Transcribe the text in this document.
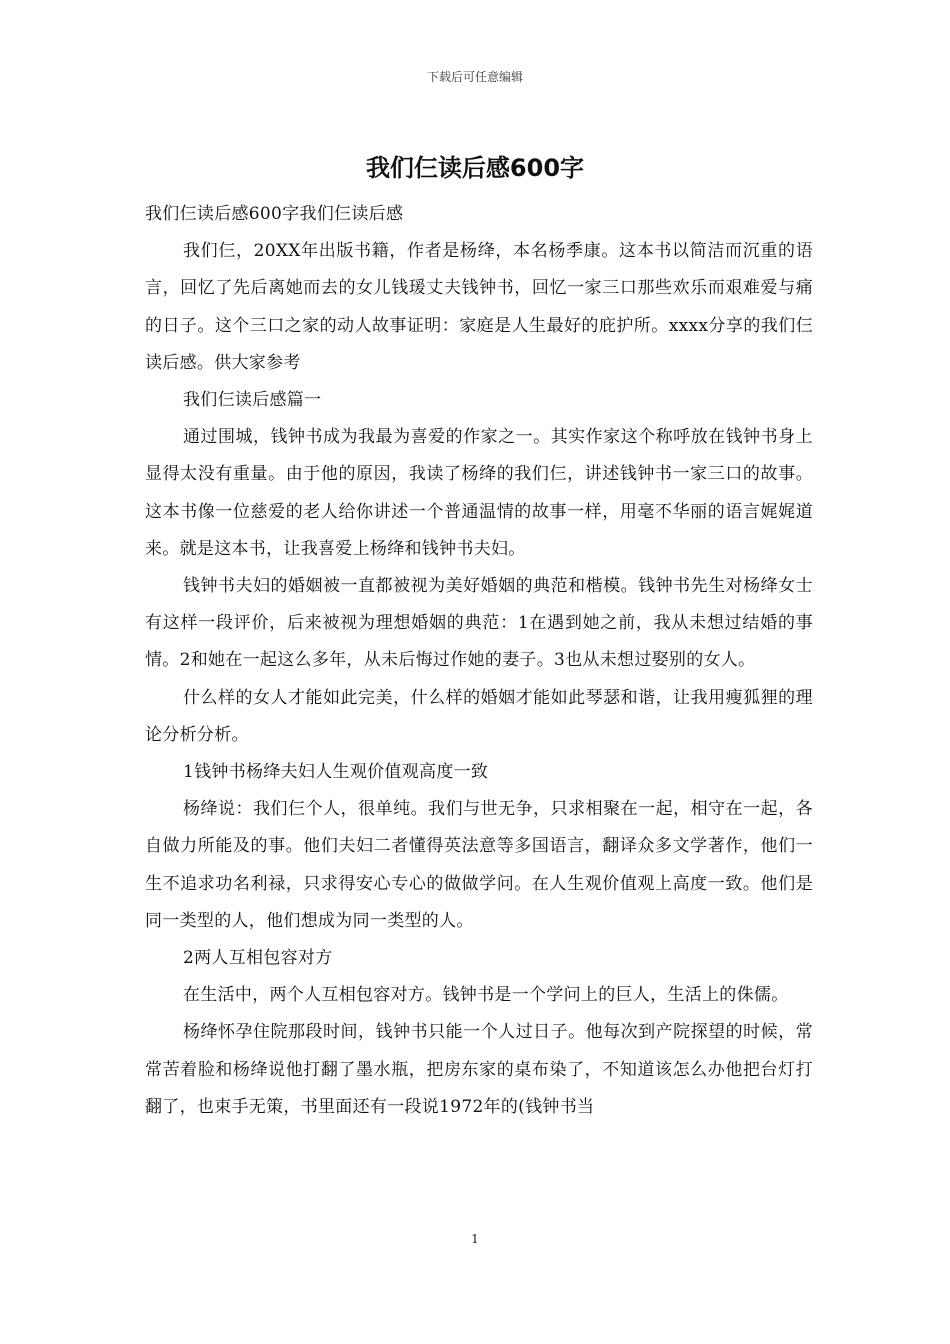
下载后可任意编辑
我们仨读后感600字

我们仨读后感600字我们仨读后感

我们仨，20XX年出版书籍，作者是杨绛，本名杨季康。这本书以简洁而沉重的语言，回忆了先后离她而去的女儿钱瑗丈夫钱钟书，回忆一家三口那些欢乐而艰难爱与痛的日子。这个三口之家的动人故事证明：家庭是人生最好的庇护所。xxxx分享的我们仨读后感。供大家参考

我们仨读后感篇一

通过围城，钱钟书成为我最为喜爱的作家之一。其实作家这个称呼放在钱钟书身上显得太没有重量。由于他的原因，我读了杨绛的我们仨，讲述钱钟书一家三口的故事。这本书像一位慈爱的老人给你讲述一个普通温情的故事一样，用毫不华丽的语言娓娓道来。就是这本书，让我喜爱上杨绛和钱钟书夫妇。

钱钟书夫妇的婚姻被一直都被视为美好婚姻的典范和楷模。钱钟书先生对杨绛女士有这样一段评价，后来被视为理想婚姻的典范：1在遇到她之前，我从未想过结婚的事情。2和她在一起这么多年，从未后悔过作她的妻子。3也从未想过娶别的女人。

什么样的女人才能如此完美，什么样的婚姻才能如此琴瑟和谐，让我用瘦狐狸的理论分析分析。

1钱钟书杨绛夫妇人生观价值观高度一致

杨绛说：我们仨个人，很单纯。我们与世无争，只求相聚在一起，相守在一起，各自做力所能及的事。他们夫妇二者懂得英法意等多国语言，翻译众多文学著作，他们一生不追求功名利禄，只求得安心专心的做做学问。在人生观价值观上高度一致。他们是同一类型的人，他们想成为同一类型的人。

2两人互相包容对方

在生活中，两个人互相包容对方。钱钟书是一个学问上的巨人，生活上的侏儒。

杨绛怀孕住院那段时间，钱钟书只能一个人过日子。他每次到产院探望的时候，常常苦着脸和杨绛说他打翻了墨水瓶，把房东家的桌布染了，不知道该怎么办他把台灯打翻了，也束手无策，书里面还有一段说1972年的(钱钟书当

1
